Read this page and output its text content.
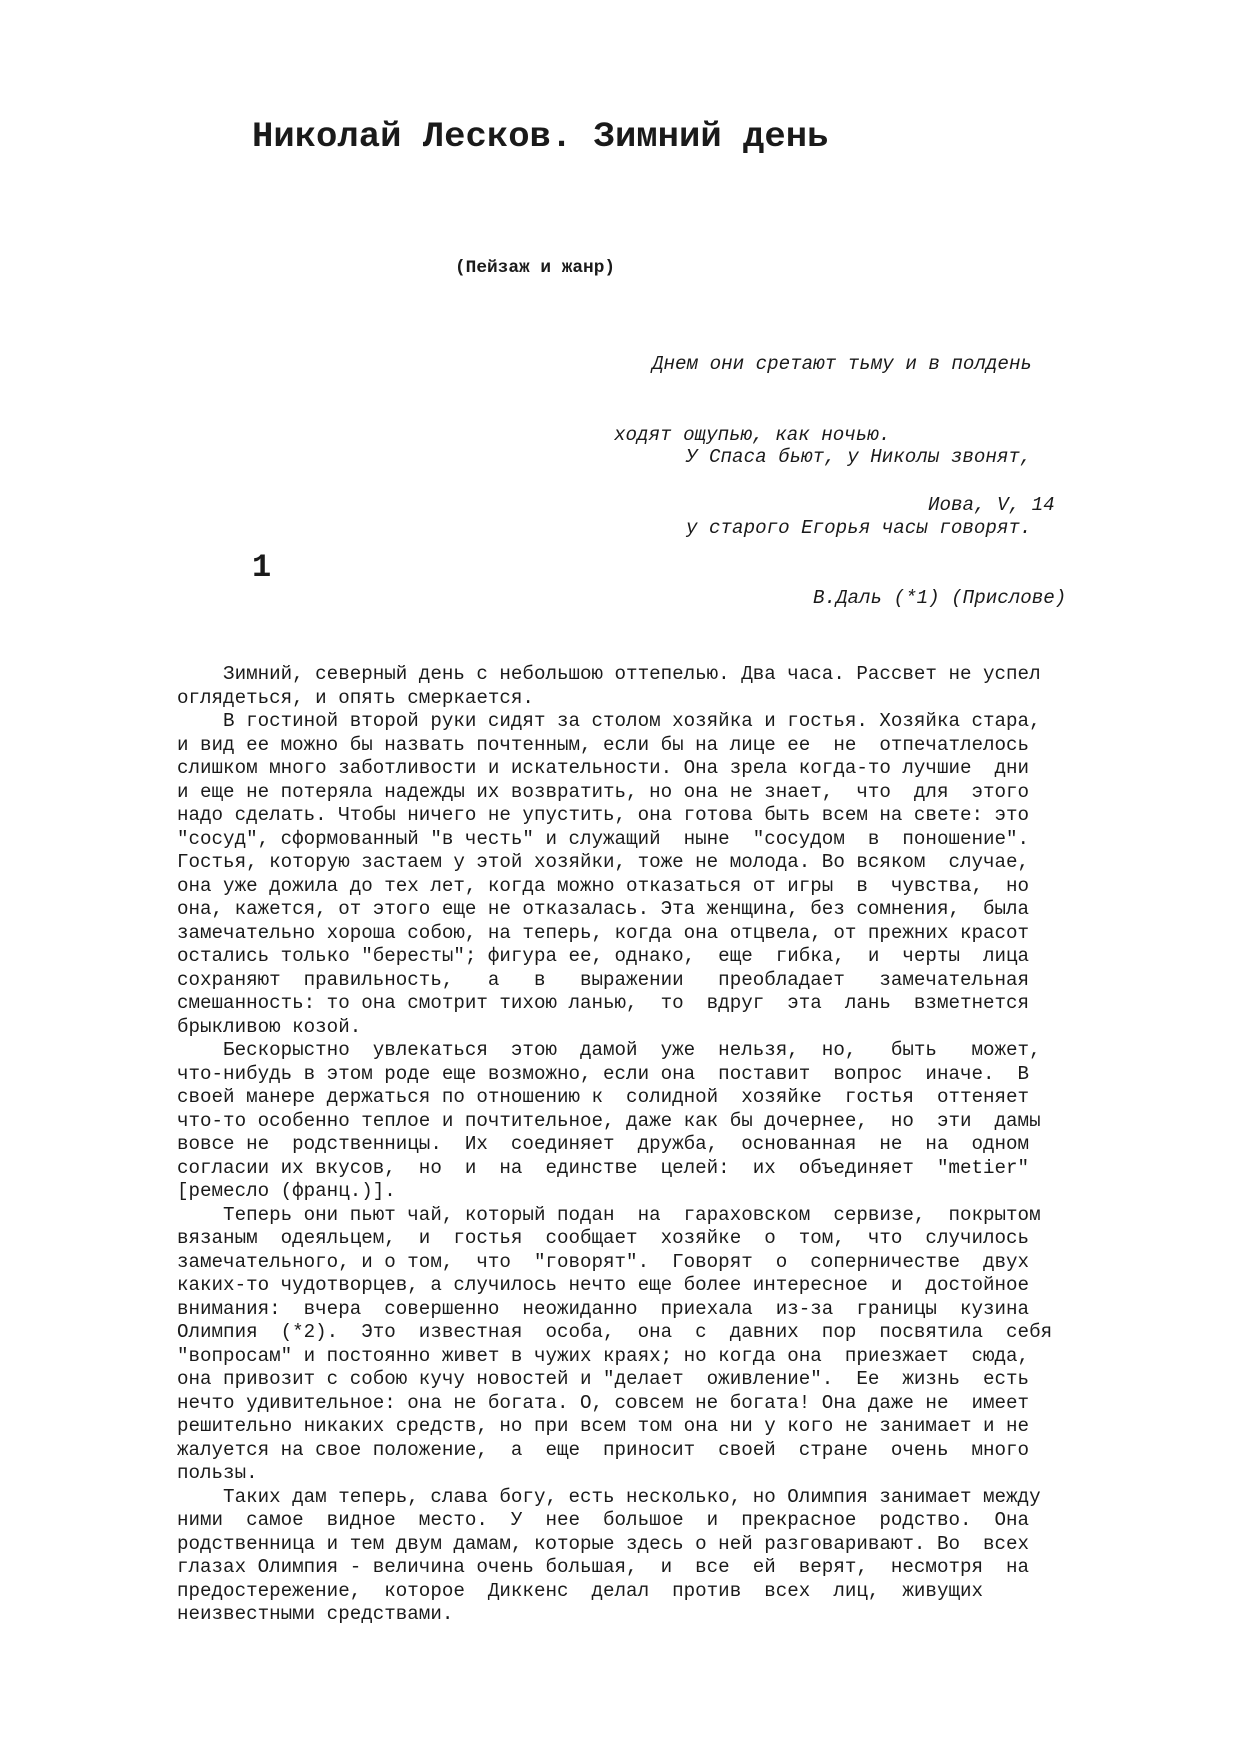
Николай Лесков. Зимний день
(Пейзаж и жанр)

Днем они сретают тьму и в полдень

ходят ощупью, как ночью.

Иова, V, 14

У Спаса бьют, у Николы звонят,

у старого Егорья часы говорят.

В.Даль (*1) (Прислове)

1
Зимний, северный день с небольшою оттепелью. Два часа. Рассвет не успел
оглядеться, и опять смеркается.
В гостиной второй руки сидят за столом хозяйка и гостья. Хозяйка стара,
и вид ее можно бы назвать почтенным, если бы на лице ее  не  отпечатлелось
слишком много заботливости и искательности. Она зрела когда-то лучшие  дни
и еще не потеряла надежды их возвратить, но она не знает,  что  для  этого
надо сделать. Чтобы ничего не упустить, она готова быть всем на свете: это
"сосуд", сформованный "в честь" и служащий  ныне  "сосудом  в  поношение".
Гостья, которую застаем у этой хозяйки, тоже не молода. Во всяком  случае,
она уже дожила до тех лет, когда можно отказаться от игры  в  чувства,  но
она, кажется, от этого еще не отказалась. Эта женщина, без сомнения,  была
замечательно хороша собою, на теперь, когда она отцвела, от прежних красот
остались только "бересты"; фигура ее, однако,  еще  гибка,  и  черты  лица
сохраняют  правильность,   а   в   выражении   преобладает   замечательная
смешанность: то она смотрит тихою ланью,  то  вдруг  эта  лань  взметнется
брыкливою козой.
Бескорыстно  увлекаться  этою  дамой  уже  нельзя,  но,   быть   может,
что-нибудь в этом роде еще возможно, если она  поставит  вопрос  иначе.  В
своей манере держаться по отношению к  солидной  хозяйке  гостья  оттеняет
что-то особенно теплое и почтительное, даже как бы дочернее,  но  эти  дамы
вовсе не  родственницы.  Их  соединяет  дружба,  основанная  не  на  одном
согласии их вкусов,  но  и  на  единстве  целей:  их  объединяет  "metier"
[ремесло (франц.)].
Теперь они пьют чай, который подан  на  гараховском  сервизе,  покрытом
вязаным  одеяльцем,  и  гостья  сообщает  хозяйке  о  том,  что  случилось
замечательного, и о том,  что  "говорят".  Говорят  о  соперничестве  двух
каких-то чудотворцев, а случилось нечто еще более интересное  и  достойное
внимания:  вчера  совершенно  неожиданно  приехала  из-за  границы  кузина
Олимпия  (*2).  Это  известная  особа,  она  с  давних  пор  посвятила  себя
"вопросам" и постоянно живет в чужих краях; но когда она  приезжает  сюда,
она привозит с собою кучу новостей и "делает  оживление".  Ее  жизнь  есть
нечто удивительное: она не богата. О, совсем не богата! Она даже не  имеет
решительно никаких средств, но при всем том она ни у кого не занимает и не
жалуется на свое положение,  а  еще  приносит  своей  стране  очень  много
пользы.
Таких дам теперь, слава богу, есть несколько, но Олимпия занимает между
ними  самое  видное  место.  У  нее  большое  и  прекрасное  родство.  Она
родственница и тем двум дамам, которые здесь о ней разговаривают. Во  всех
глазах Олимпия - величина очень большая,  и  все  ей  верят,  несмотря  на
предостережение,  которое  Диккенс  делал  против  всех  лиц,  живущих
неизвестными средствами.
